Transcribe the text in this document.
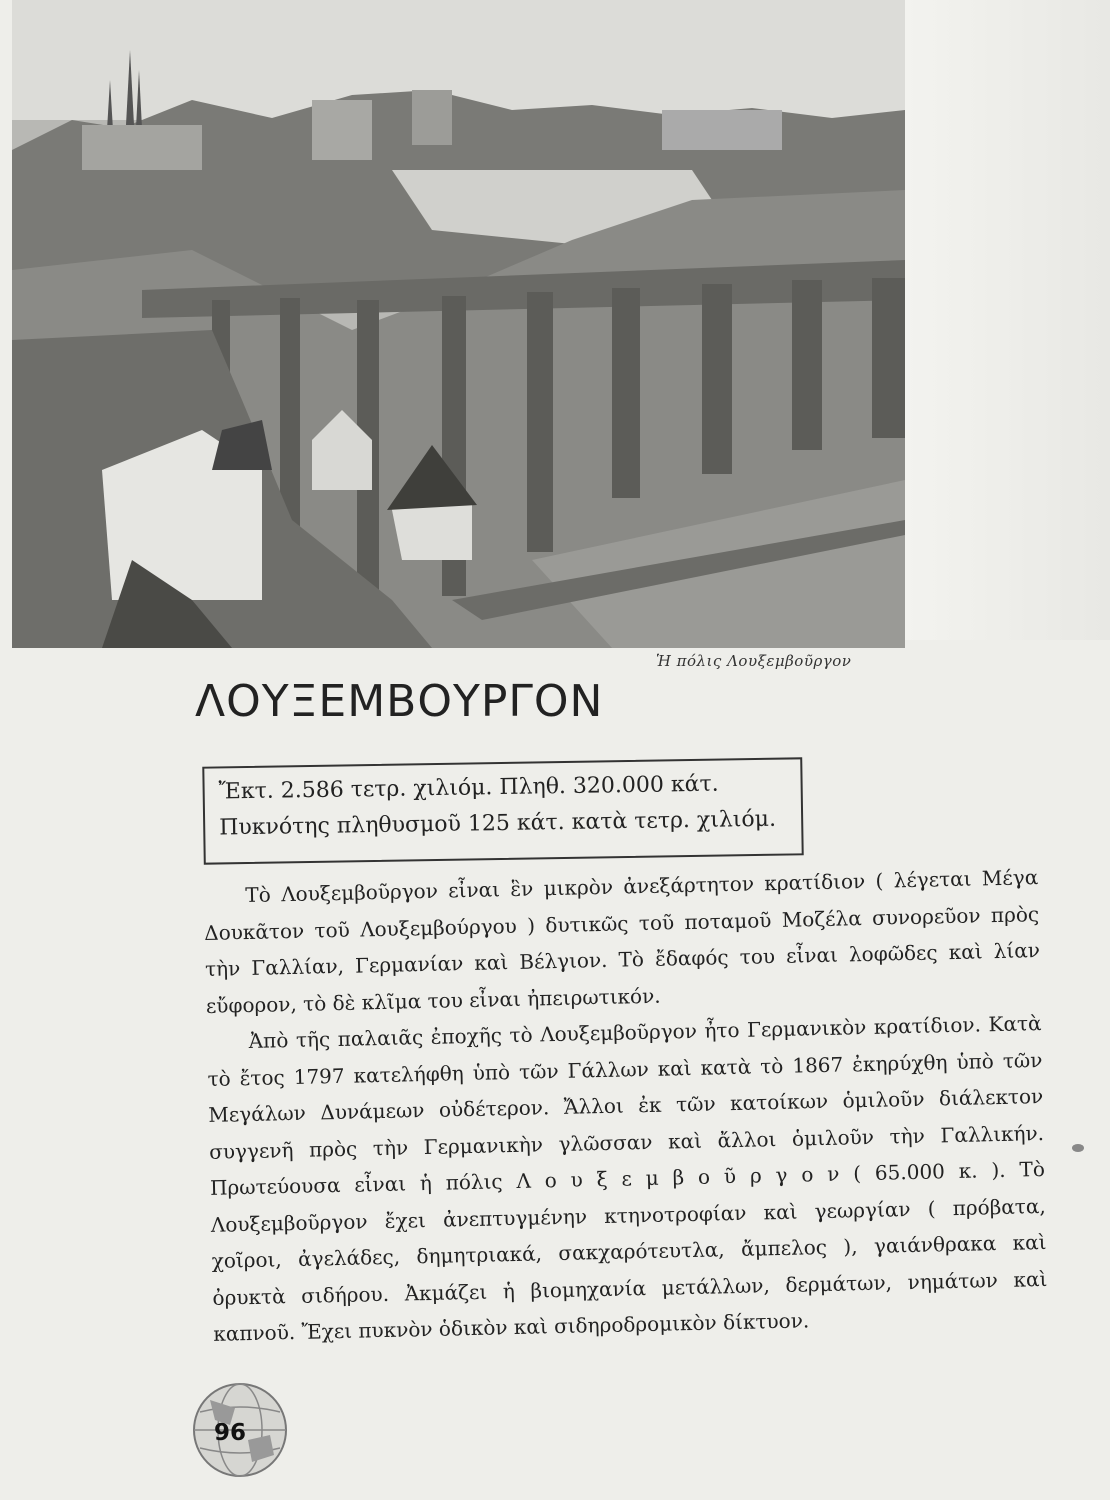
Ἡ πόλις Λουξεμβοῦργον
ΛΟΥΞΕΜΒΟΥΡΓΟΝ
Ἔκτ. 2.586 τετρ. χιλιόμ. Πληθ. 320.000 κάτ.
Πυκνότης πληθυσμοῦ 125 κάτ. κατὰ τετρ. χιλιόμ.

Τὸ Λουξεμβοῦργον εἶναι ἓν μικρὸν ἀνεξάρτητον κρατίδιον ( λέγεται Μέγα Δουκᾶτον τοῦ Λουξεμβούργου ) δυτικῶς τοῦ ποταμοῦ Μοζέλα συνορεῦον πρὸς τὴν Γαλλίαν, Γερμανίαν καὶ Βέλγιον. Τὸ ἔδαφός του εἶναι λοφῶδες καὶ λίαν εὔφορον, τὸ δὲ κλῖμα του εἶναι ἠπειρωτικόν.

Ἀπὸ τῆς παλαιᾶς ἐποχῆς τὸ Λουξεμβοῦργον ἦτο Γερμανικὸν κρατίδιον. Κατὰ τὸ ἔτος 1797 κατελήφθη ὑπὸ τῶν Γάλλων καὶ κατὰ τὸ 1867 ἐκηρύχθη ὑπὸ τῶν Μεγάλων Δυνάμεων οὐδέτερον. Ἄλλοι ἐκ τῶν κατοίκων ὁμιλοῦν διάλεκτον συγγενῆ πρὸς τὴν Γερμανικὴν γλῶσσαν καὶ ἄλλοι ὁμιλοῦν τὴν Γαλλικήν. Πρωτεύουσα εἶναι ἡ πόλις Λ ο υ ξ ε μ β ο ῦ ρ γ ο ν ( 65.000 κ. ). Τὸ Λουξεμβοῦργον ἔχει ἀνεπτυγμένην κτηνοτροφίαν καὶ γεωργίαν ( πρόβατα, χοῖροι, ἀγελάδες, δημητριακά, σακχαρότευτλα, ἄμπελος ), γαιάνθρακα καὶ ὀρυκτὰ σιδήρου. Ἀκμάζει ἡ βιομηχανία μετάλλων, δερμάτων, νημάτων καὶ καπνοῦ. Ἔχει πυκνὸν ὁδικὸν καὶ σιδηροδρομικὸν δίκτυον.

96
